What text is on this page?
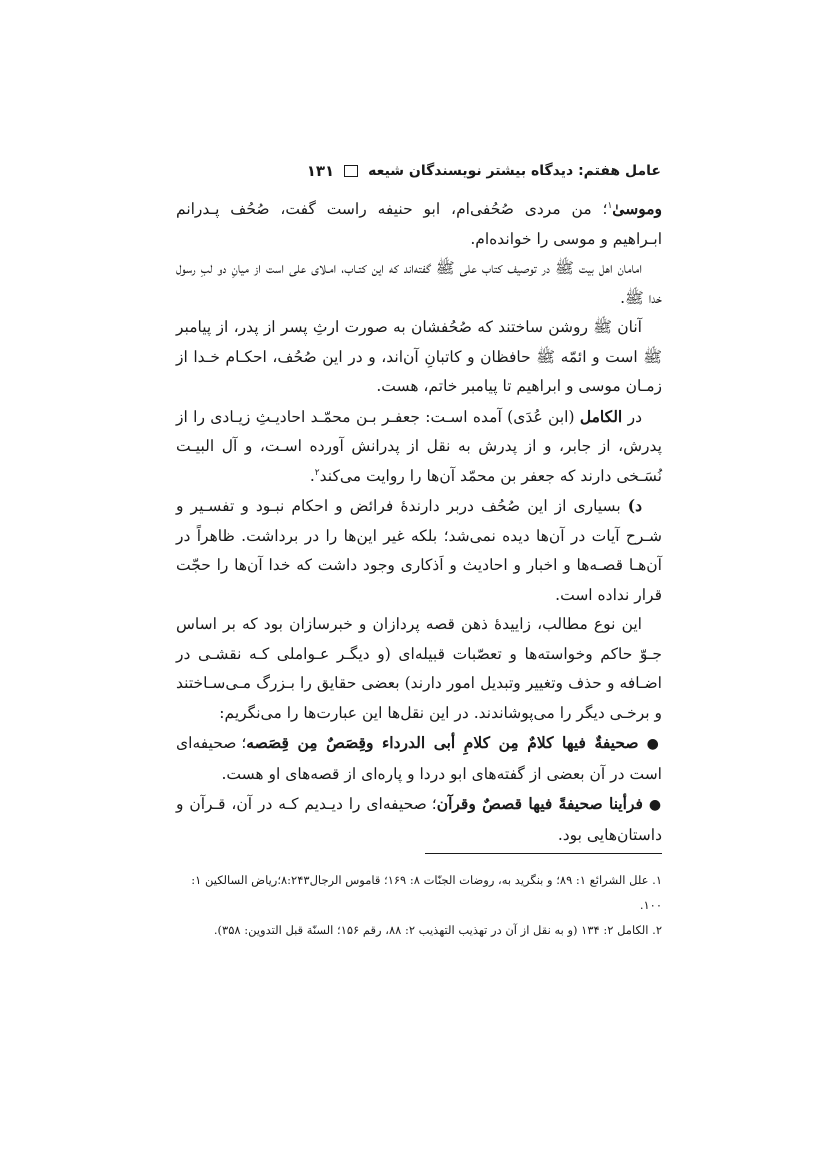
عامل هفتم: دیدگاه بیشتر نویسندگان شیعه
۱۳۱

وموسیٰ$^۱$؛ من مردی صُحُفی‌ام، ابو حنیفه راست گفت، صُحُف پـدرانم ابـراهیم و موسی را خوانده‌ام.

امامان اهل بیت ﷺ در توصیف کتاب علی ﷺ گفته‌اند که این کتـاب، امـلای علی است از میانِ دو لبِ رسول خدا ﷺ.

آنان ﷺ روشن ساختند که صُحُفشان به صورت ارثِ پسر از پدر، از پیامبر ﷺ است و ائمّه ﷺ حافظان و کاتبانِ آن‌اند، و در این صُحُف، احکـام خـدا از زمـان موسی و ابراهیم تا پیامبر خاتم، هست.

در الکامل (ابن عُدَی) آمده اسـت: جعفـر بـن محمّـد احادیـثِ زیـادی را از پدرش، از جابر، و از پدرش به نقل از پدرانش آورده اسـت، و آل البیـت نُسَـخی دارند که جعفر بن محمّد آن‌ها را روایت می‌کند$^۲$.

د) بسیاری از این صُحُف دربر دارندهٔ فرائض و احکام نبـود و تفسـیر و شـرح آیات در آن‌ها دیده نمی‌شد؛ بلکه غیر این‌ها را در برداشت. ظاهراً در آن‌هـا قصـه‌ها و اخبار و احادیث و اَذکاری وجود داشت که خدا آن‌ها را حجّت قرار نداده است.

این نوع مطالب، زاییدهٔ ذهن قصه پردازان و خبرسازان بود که بر اساس جـوّ حاکم وخواسته‌ها و تعصّبات قبیله‌ای (و دیگـر عـواملی کـه نقشـی در اضـافه و حذف وتغییر وتبدیل امور دارند) بعضی حقایق را بـزرگ مـی‌سـاختند و برخـی دیگر را می‌پوشاندند. در این نقل‌ها این عبارت‌ها را می‌نگریم:

● صحیفةٌ فیها کلامٌ مِن کلامِ أبی الدرداء وقِصَصٌ مِن قِصَصه؛ صحیفه‌ای است در آن بعضی از گفته‌های ابو دردا و پاره‌ای از قصه‌های او هست.

● فرأينا صحيفةً فيها قصصٌ وقرآن؛ صحیفه‌ای را دیـدیم کـه در آن، قـرآن و داستان‌هایی بود.

۱. علل الشرائع ۱: ۸۹؛ و بنگرید به، روضات الجنّات ۸: ۱۶۹؛ قاموس الرجال۸:۲۴۳؛ریاض السالکین ۱: ۱۰۰.

۲. الکامل ۲: ۱۳۴ (و به نقل از آن در تهذیب التهذیب ۲: ۸۸، رقم ۱۵۶؛ السنّة قبل التدوین: ۳۵۸).
